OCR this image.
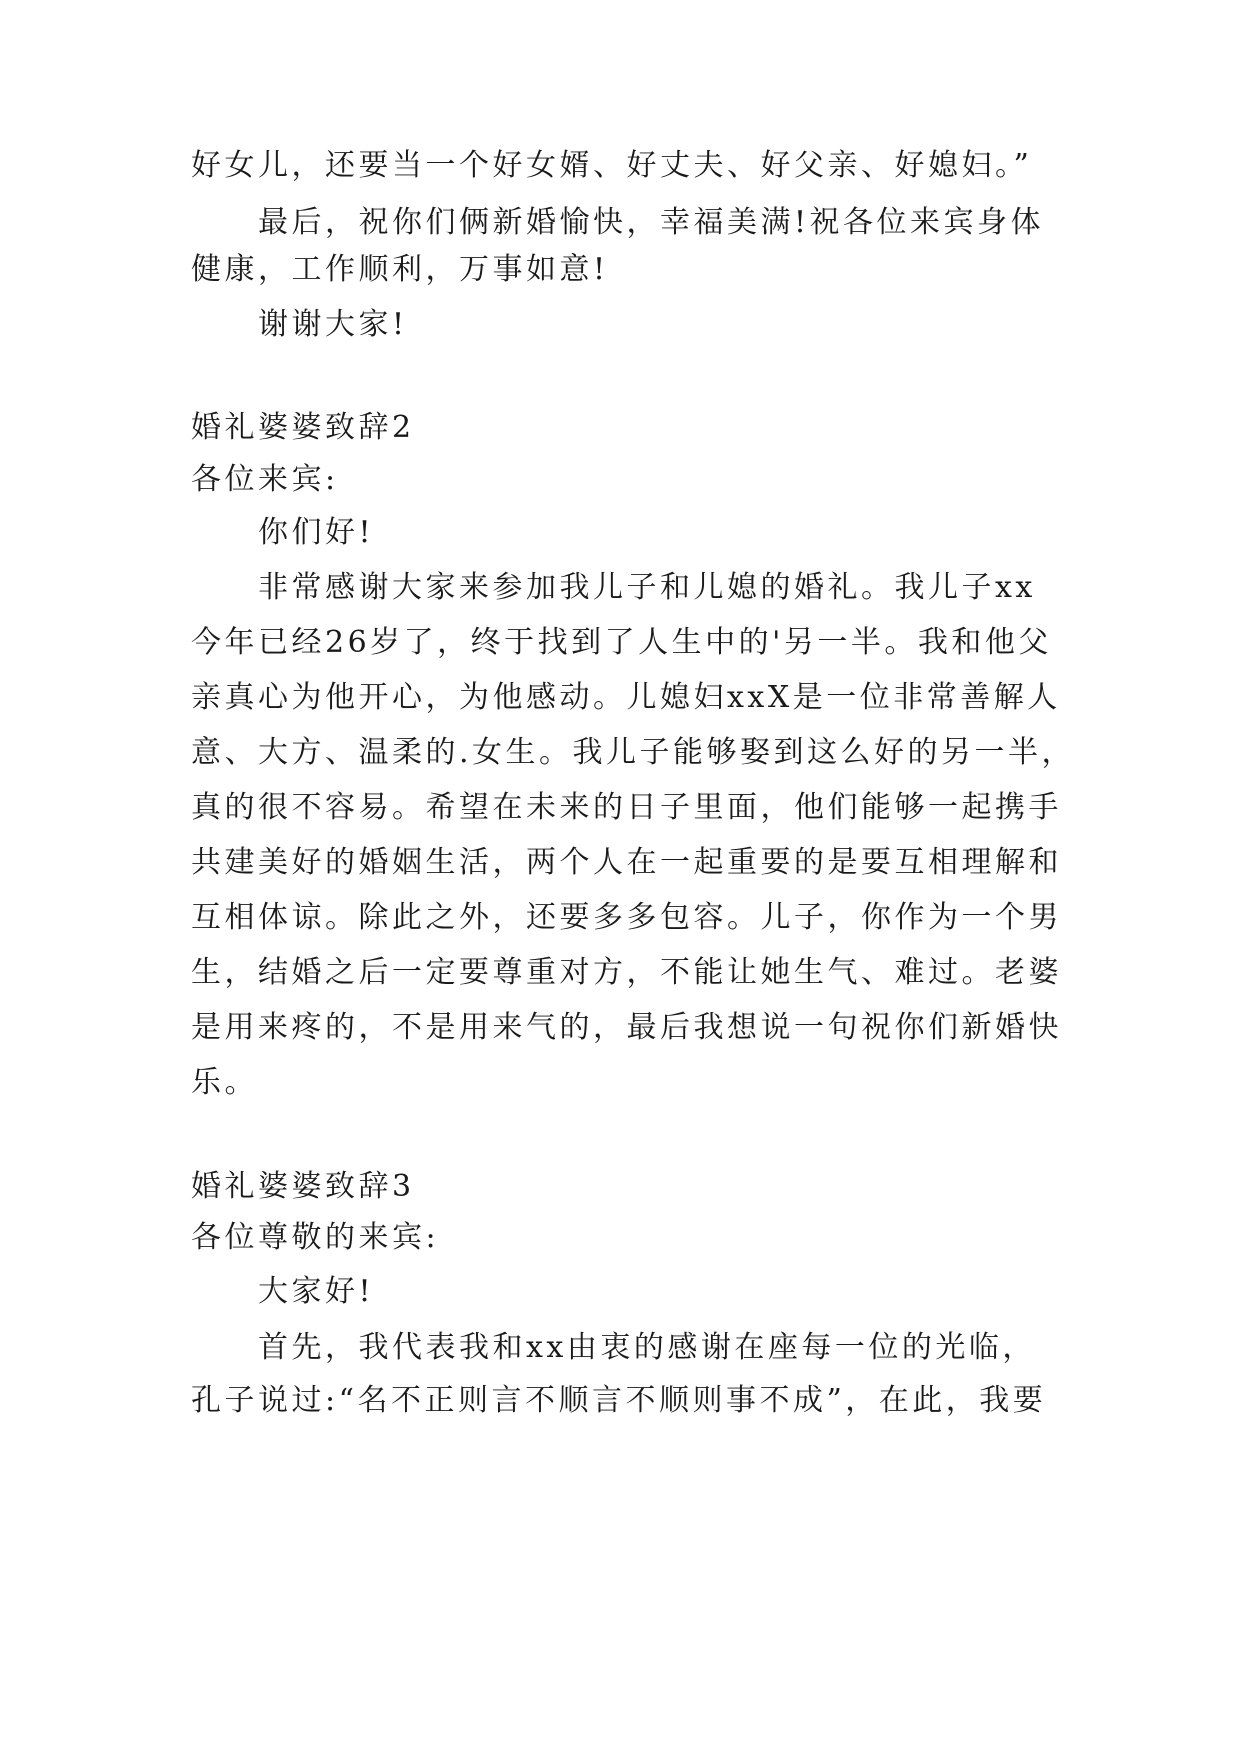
好女儿，还要当一个好女婿、好丈夫、好父亲、好媳妇。”
最后，祝你们俩新婚愉快，幸福美满!祝各位来宾身体
健康，工作顺利，万事如意!
谢谢大家!
婚礼婆婆致辞2
各位来宾:
你们好!
非常感谢大家来参加我儿子和儿媳的婚礼。我儿子xx
今年已经26岁了，终于找到了人生中的'另一半。我和他父
亲真心为他开心，为他感动。儿媳妇xxX是一位非常善解人
意、大方、温柔的.女生。我儿子能够娶到这么好的另一半，
真的很不容易。希望在未来的日子里面，他们能够一起携手
共建美好的婚姻生活，两个人在一起重要的是要互相理解和
互相体谅。除此之外，还要多多包容。儿子，你作为一个男
生，结婚之后一定要尊重对方，不能让她生气、难过。老婆
是用来疼的，不是用来气的，最后我想说一句祝你们新婚快
乐。
婚礼婆婆致辞3
各位尊敬的来宾:
大家好!
首先，我代表我和xx由衷的感谢在座每一位的光临，
孔子说过:“名不正则言不顺言不顺则事不成”，在此，我要
